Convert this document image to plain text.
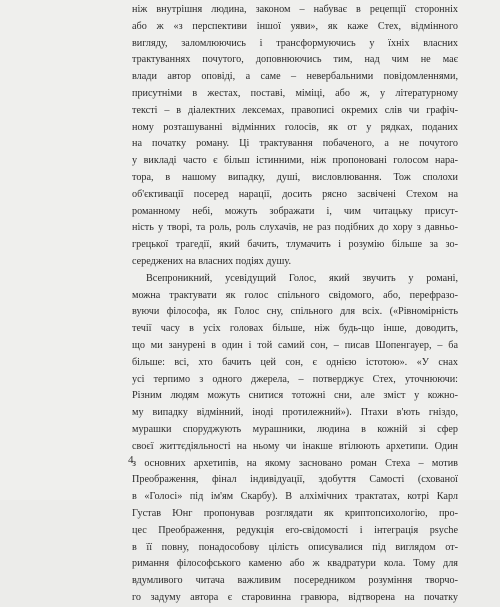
ніж внутрішня людина, законом – набуває в рецепції сторонніх
або ж «з перспективи іншої уяви», як каже Стех, відмінного
вигляду, заломлюючись і трансформуючись у їхніх власних
трактуваннях почутого, доповнюючись тим, над чим не має
влади автор оповіді, а саме – невербальними повідомленнями,
присутніми в жестах, поставі, міміці, або ж, у літературному
тексті – в діалектних лексемах, правописі окремих слів чи графіч-
ному розташуванні відмінних голосів, як от у рядках, поданих
на початку роману. Ці трактування побаченого, а не почутого
у викладі часто є більш істинними, ніж пропоновані голосом нара-
тора, в нашому випадку, душі, висловлювання. Тож сполохи
об'єктивації посеред нарації, досить рясно засвічені Стехом на
романному небі, можуть зображати і, чим читацьку присут-
ність у творі, та роль, роль слухачів, не раз подібних до хору з давньо-
грецької трагедії, який бачить, тлумачить і розумію більше за зо-
середжених на власних подіях душу.
Всепроникний, усевідущий Голос, який звучить у романі,
можна трактувати як голос спільного свідомого, або, перефразо-
вуючи філософа, як Голос сну, спільного для всіх. («Рівномірність
течії часу в усіх головах більше, ніж будь-що інше, доводить,
що ми занурені в один і той самий сон, – писав Шопенгауер, – ба
більше: всі, хто бачить цей сон, є однією істотою». «У снах
усі терпимо з одного джерела, – потверджує Стех, уточнюючи:
Різним людям можуть снитися тотожні сни, але зміст у кожно-
му випадку відмінний, іноді протилежний»). Птахи в'ють гніздо,
мурашки споруджують мурашники, людина в кожній зі сфер
своєї життєдіяльності на ньому чи інакше втілюють архетипи. Один
з основних архетипів, на якому засновано роман Стеха – мотив
Преображення, фінал індивідуації, здобуття Самості (схованої
в «Голосі» під ім'ям Скарбу). В алхімічних трактатах, котрі Карл
Густав Юнг пропонував розглядати як криптопсихологію, про-
цес Преображення, редукція его-свідомості і інтеграція psyche
в її повну, понадособову цілість описувалися під виглядом от-
римання філософського каменю або ж квадратури кола. Тому для
вдумливого читача важливим посередником розуміння творчо-
го задуму автора є старовинна гравюра, відтворена на початку
4
